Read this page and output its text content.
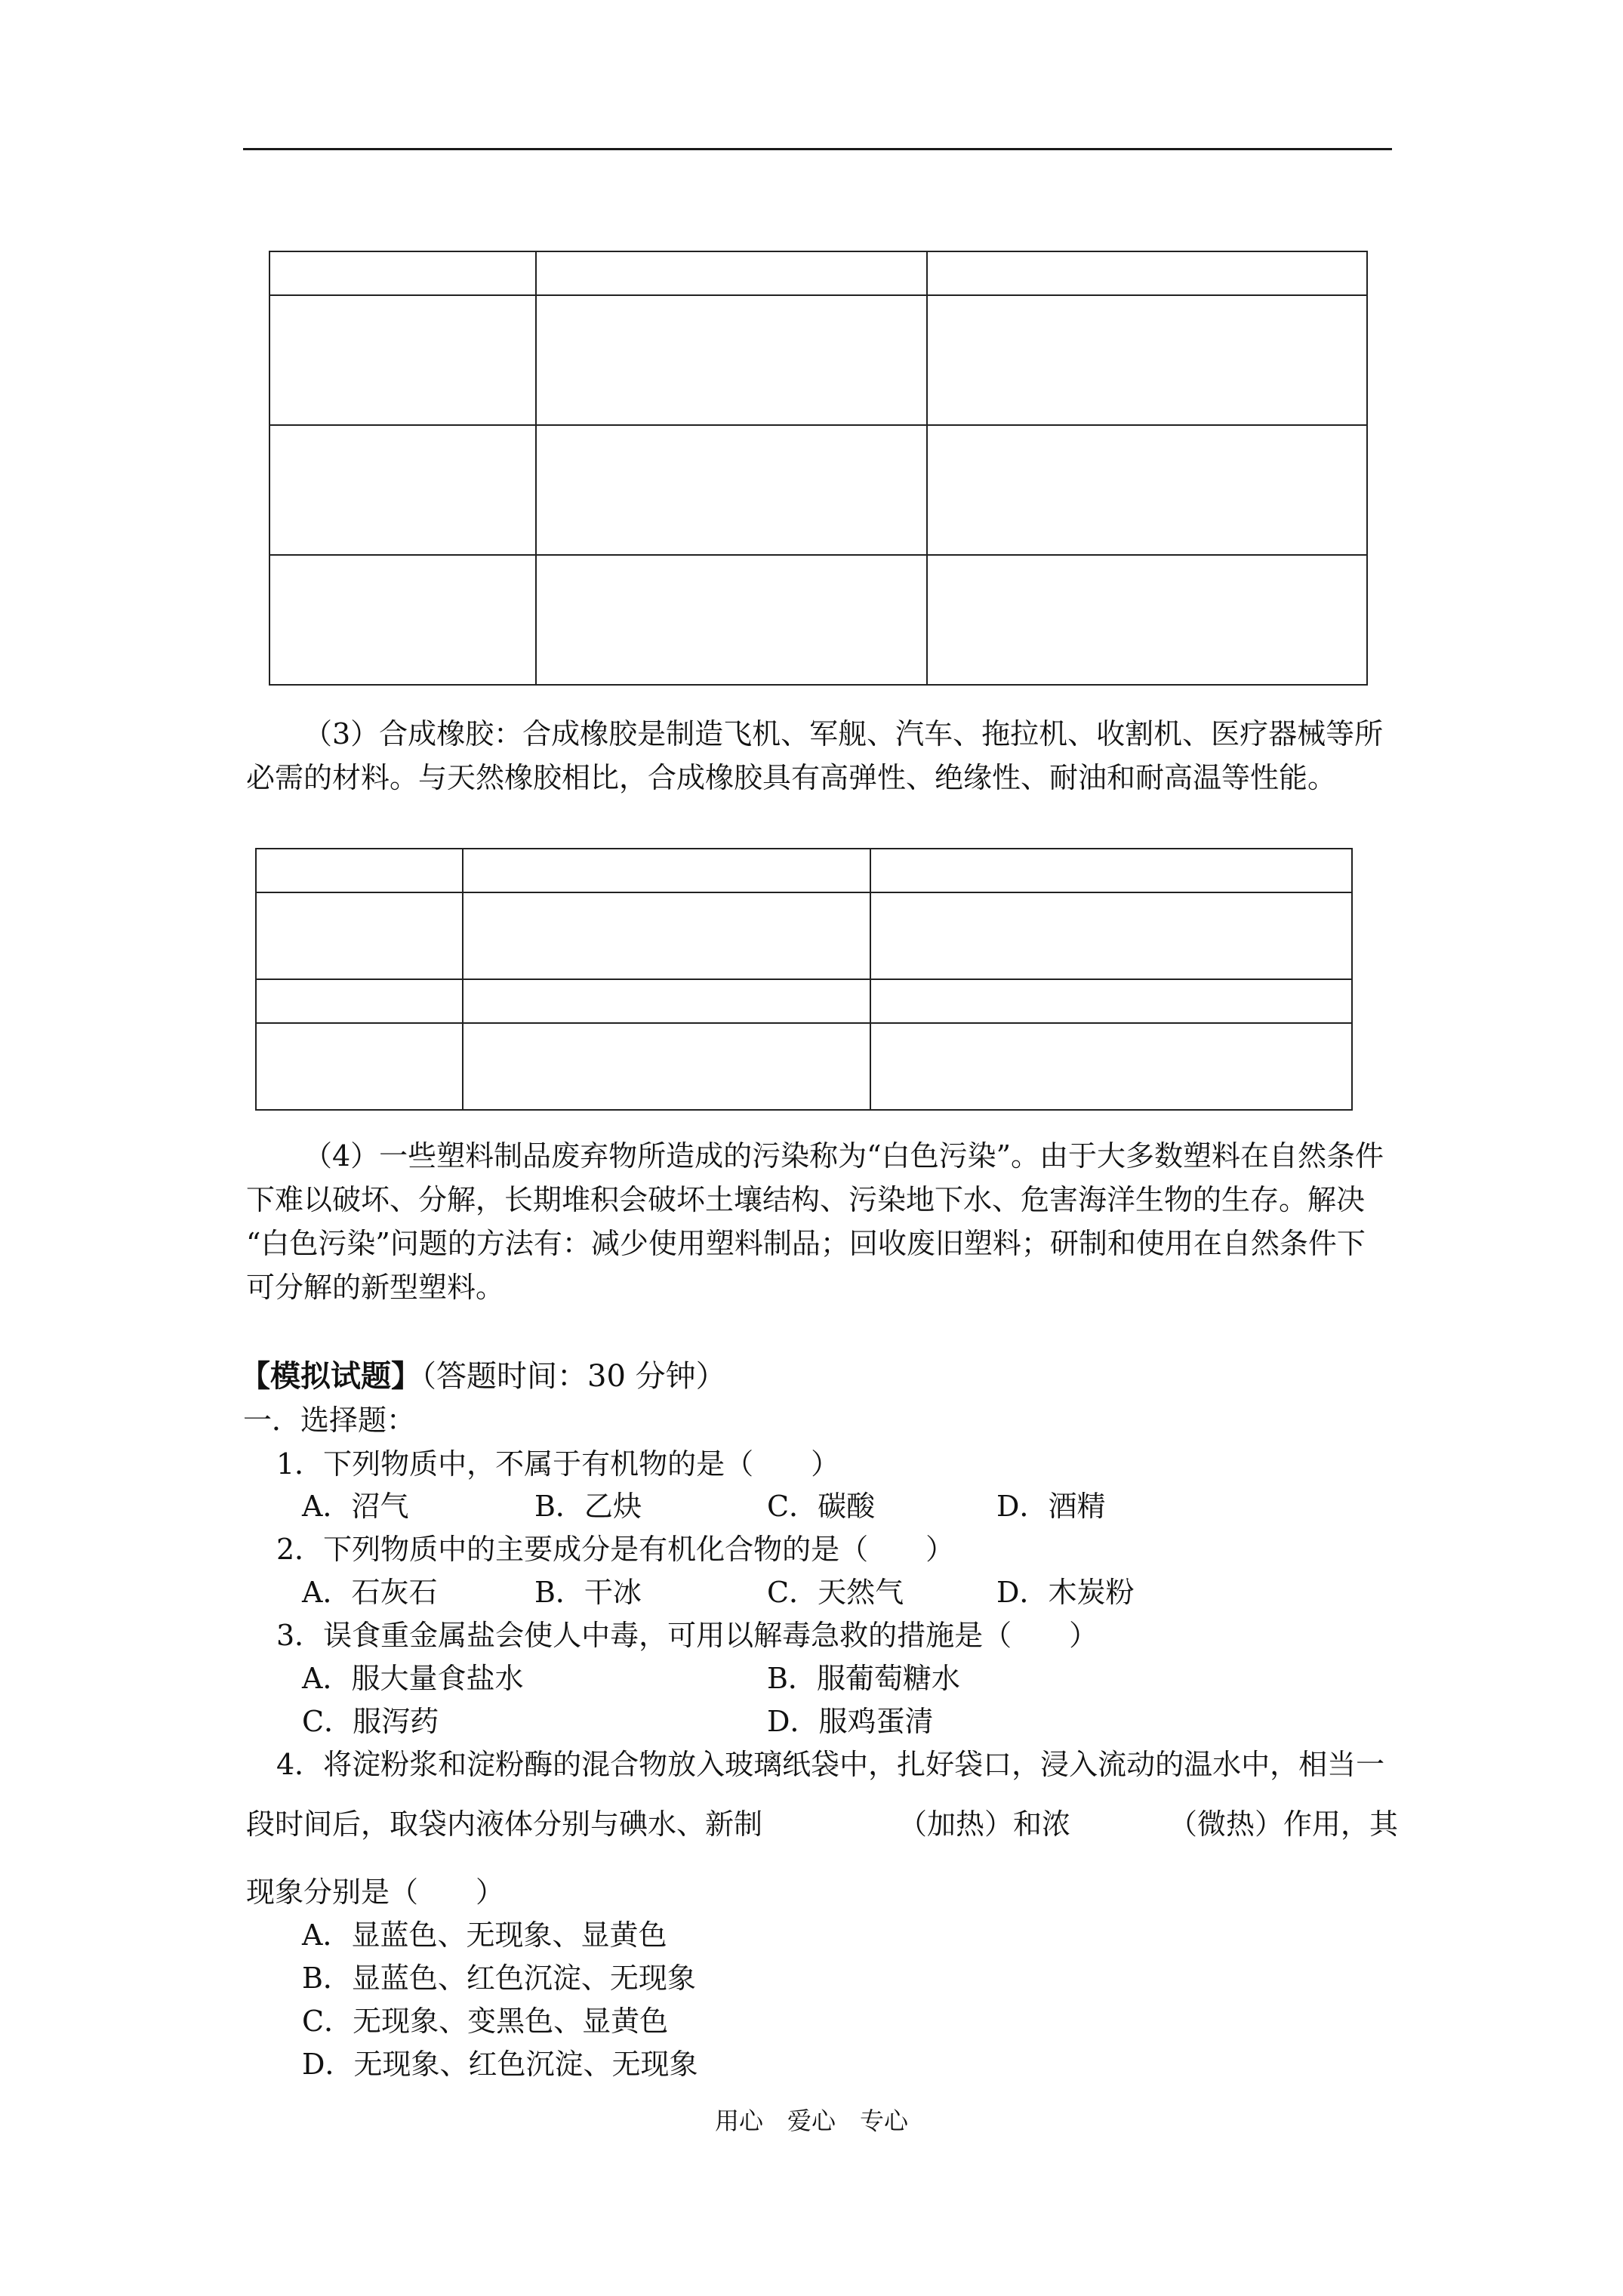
（3）合成橡胶：合成橡胶是制造飞机、军舰、汽车、拖拉机、收割机、医疗器械等所
必需的材料。与天然橡胶相比，合成橡胶具有高弹性、绝缘性、耐油和耐高温等性能。

（4）一些塑料制品废弃物所造成的污染称为“白色污染”。由于大多数塑料在自然条件
下难以破坏、分解，长期堆积会破坏土壤结构、污染地下水、危害海洋生物的生存。解决
“白色污染”问题的方法有：减少使用塑料制品；回收废旧塑料；研制和使用在自然条件下
可分解的新型塑料。
【模拟试题】（答题时间：30 分钟）
一．选择题：
1．下列物质中，不属于有机物的是（　　）
A．沼气	B．乙炔	C．碳酸	D．酒精
2．下列物质中的主要成分是有机化合物的是（　　）
A．石灰石	B．干冰	C．天然气	D．木炭粉
3．误食重金属盐会使人中毒，可用以解毒急救的措施是（　　）
A．服大量食盐水	B．服葡萄糖水
C．服泻药	D．服鸡蛋清
4．将淀粉浆和淀粉酶的混合物放入玻璃纸袋中，扎好袋口，浸入流动的温水中，相当一
段时间后，取袋内液体分别与碘水、新制	（加热）和浓	（微热）作用，其
现象分别是（　　）
A．显蓝色、无现象、显黄色
B．显蓝色、红色沉淀、无现象
C．无现象、变黑色、显黄色
D．无现象、红色沉淀、无现象
用心　爱心　专心
